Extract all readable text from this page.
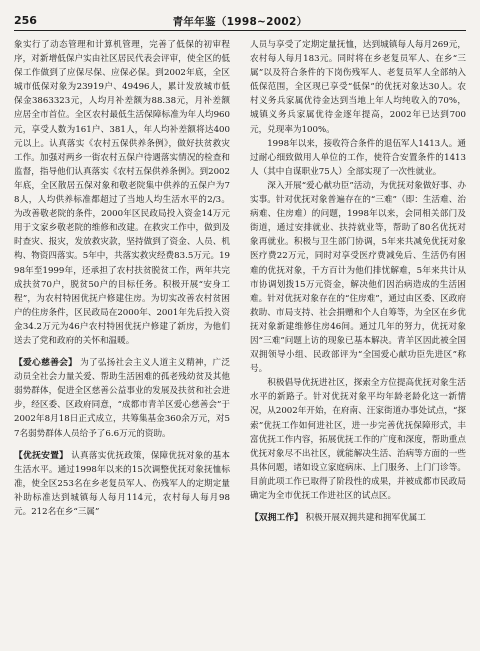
256	青年年鉴（1998~2002）

象实行了动态管理和计算机管理，完善了低保的初审程序，对新增低保户实由社区居民代表会评审，使全区的低保工作做到了应保尽保、应保必保。到2002年底，全区城市低保对象为23919户、49496人，累计发放城市低保金3863323元，人均月补差额为88.38元，月补差额应居全市首位。全区农村最低生活保障标准为年人均960元，享受人数为161户、381人，年人均补差额将达400元以上。认真落实《农村五保供养条例》，做好扶贫救灾工作。加强对两乡一街农村五保户待遇落实情况的检查和监督，指导他们认真落实《农村五保供养条例》。到2002年底，全区散居五保对象和敬老院集中供养的五保户为78人，人均供养标准都超过了当地人均生活水平的2/3。为改善敬老院的条件，2000年区民政局投入资金14万元用于文家乡敬老院的维修和改建。在救灾工作中，做到及时查灾、报灾，发放救灾款，坚持做到了资金、人员、机构、物资四落实。5年中，共落实救灾经费83.5万元。1998年至1999年，还承担了农村扶贫脱贫工作，两年共完成扶贫70户，脱贫50户的目标任务。积极开展“安身工程”，为农村特困优抚户修建住房。为切实改善农村贫困户的住房条件，区民政局在2000年、2001年先后投入资金34.2万元为46户农村特困优抚户修建了新房，为他们送去了党和政府的关怀和温暖。

【爱心慈善会】 为了弘扬社会主义人道主义精神，广泛动员全社会力量关爱、帮助生活困难的孤老残幼贫及其他弱势群体，促进全区慈善公益事业的发展及扶贫和社会进步，经区委、区政府同意，“成都市青羊区爱心慈善会”于2002年8月18日正式成立，共筹集基金360余万元，对57名弱势群体人员给予了6.6万元的资助。

【优抚安置】 认真落实优抚政策，保障优抚对象的基本生活水平。通过1998年以来的15次调整优抚对象抚恤标准，使全区253名在乡老复员军人、伤残军人的定期定量补助标准达到城镇每人每月114元，农村每人每月98元。212名在乡“三属”

人员与享受了定期定量抚恤，达到城镇每人每月269元，农村每人每月183元。同时将在乡老复员军人、在乡“三属”以及符合条件的下岗伤残军人、老复员军人全部纳入低保范围，全区现已享受“低保”的优抚对象达30人。农村义务兵家属优待金达到当地上年人均纯收入的70%，城镇义务兵家属优待金逐年提高，2002年已达到700元，兑现率为100%。

1998年以来，接收符合条件的退伍军人1413人。通过耐心细致做用人单位的工作，使符合安置条件的1413人（其中自谋职业75人）全部实现了一次性就业。

深入开展“爱心献功臣”活动，为优抚对象做好事、办实事。针对优抚对象普遍存在的“三难”（即：生活难、治病难、住房难）的问题，1998年以来，会同相关部门及街道，通过安排就业、扶持就业等，帮助了80名优抚对象再就业。积极与卫生部门协调，5年来共减免优抚对象医疗费22万元，同时对享受医疗费减免后、生活仍有困难的优抚对象，千方百计为他们排忧解难，5年来共计从市协调划拨15万元资金，解决他们因治病造成的生活困难。针对优抚对象存在的“住房难”，通过由区委、区政府救助、市局支持、社会捐赠和个人自筹等，为全区在乡优抚对象新建维修住房46间。通过几年的努力，优抚对象因“三难”问题上访的现象已基本解决。青羊区因此被全国双拥领导小组、民政部评为“全国爱心献功臣先进区”称号。

积极倡导优抚进社区，探索全方位提高优抚对象生活水平的新路子。针对优抚对象平均年龄老龄化这一新情况，从2002年开始，在府南、汪家街道办事处试点，“探索”优抚工作如何进社区，进一步完善优抚保障形式，丰富优抚工作内容，拓展优抚工作的广度和深度，帮助重点优抚对象尽不出社区，就能解决生活、治病等方面的一些具体问题，诸如设立家庭病床、上门服务、上门门诊等。目前此项工作已取得了阶段性的成果，并被成都市民政局确定为全市优抚工作进社区的试点区。

【双拥工作】 积极开展双拥共建和拥军优属工
